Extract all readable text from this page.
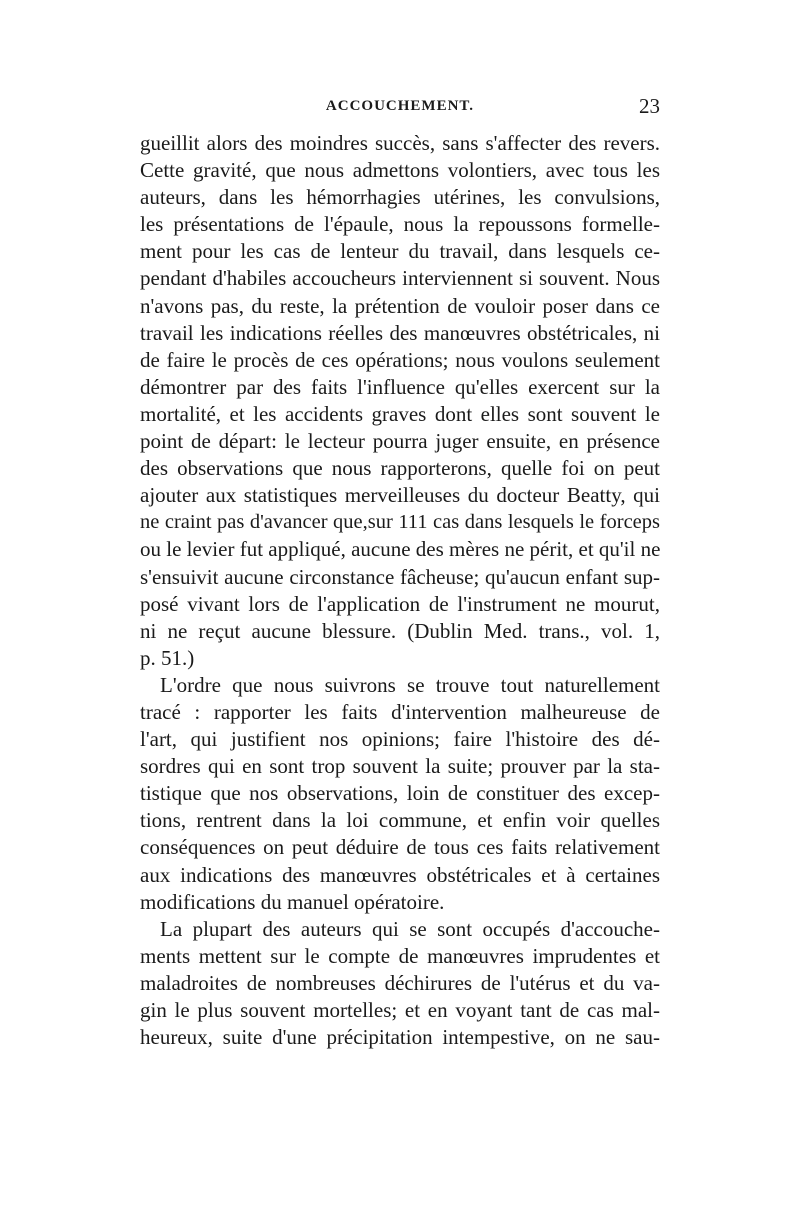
ACCOUCHEMENT.	23
gueillit alors des moindres succès, sans s'affecter des revers.
Cette gravité, que nous admettons volontiers, avec tous les
auteurs, dans les hémorrhagies utérines, les convulsions,
les présentations de l'épaule, nous la repoussons formelle-
ment pour les cas de lenteur du travail, dans lesquels ce-
pendant d'habiles accoucheurs interviennent si souvent. Nous
n'avons pas, du reste, la prétention de vouloir poser dans ce
travail les indications réelles des manœuvres obstétricales, ni
de faire le procès de ces opérations; nous voulons seulement
démontrer par des faits l'influence qu'elles exercent sur la
mortalité, et les accidents graves dont elles sont souvent le
point de départ: le lecteur pourra juger ensuite, en présence
des observations que nous rapporterons, quelle foi on peut
ajouter aux statistiques merveilleuses du docteur Beatty, qui
ne craint pas d'avancer que,sur 111 cas dans lesquels le forceps
ou le levier fut appliqué, aucune des mères ne périt, et qu'il ne
s'ensuivit aucune circonstance fâcheuse; qu'aucun enfant sup-
posé vivant lors de l'application de l'instrument ne mourut,
ni ne reçut aucune blessure. (Dublin Med. trans., vol. 1,
p. 51.)
L'ordre que nous suivrons se trouve tout naturellement
tracé : rapporter les faits d'intervention malheureuse de
l'art, qui justifient nos opinions; faire l'histoire des dé-
sordres qui en sont trop souvent la suite; prouver par la sta-
tistique que nos observations, loin de constituer des excep-
tions, rentrent dans la loi commune, et enfin voir quelles
conséquences on peut déduire de tous ces faits relativement
aux indications des manœuvres obstétricales et à certaines
modifications du manuel opératoire.
La plupart des auteurs qui se sont occupés d'accouche-
ments mettent sur le compte de manœuvres imprudentes et
maladroites de nombreuses déchirures de l'utérus et du va-
gin le plus souvent mortelles; et en voyant tant de cas mal-
heureux, suite d'une précipitation intempestive, on ne sau-
